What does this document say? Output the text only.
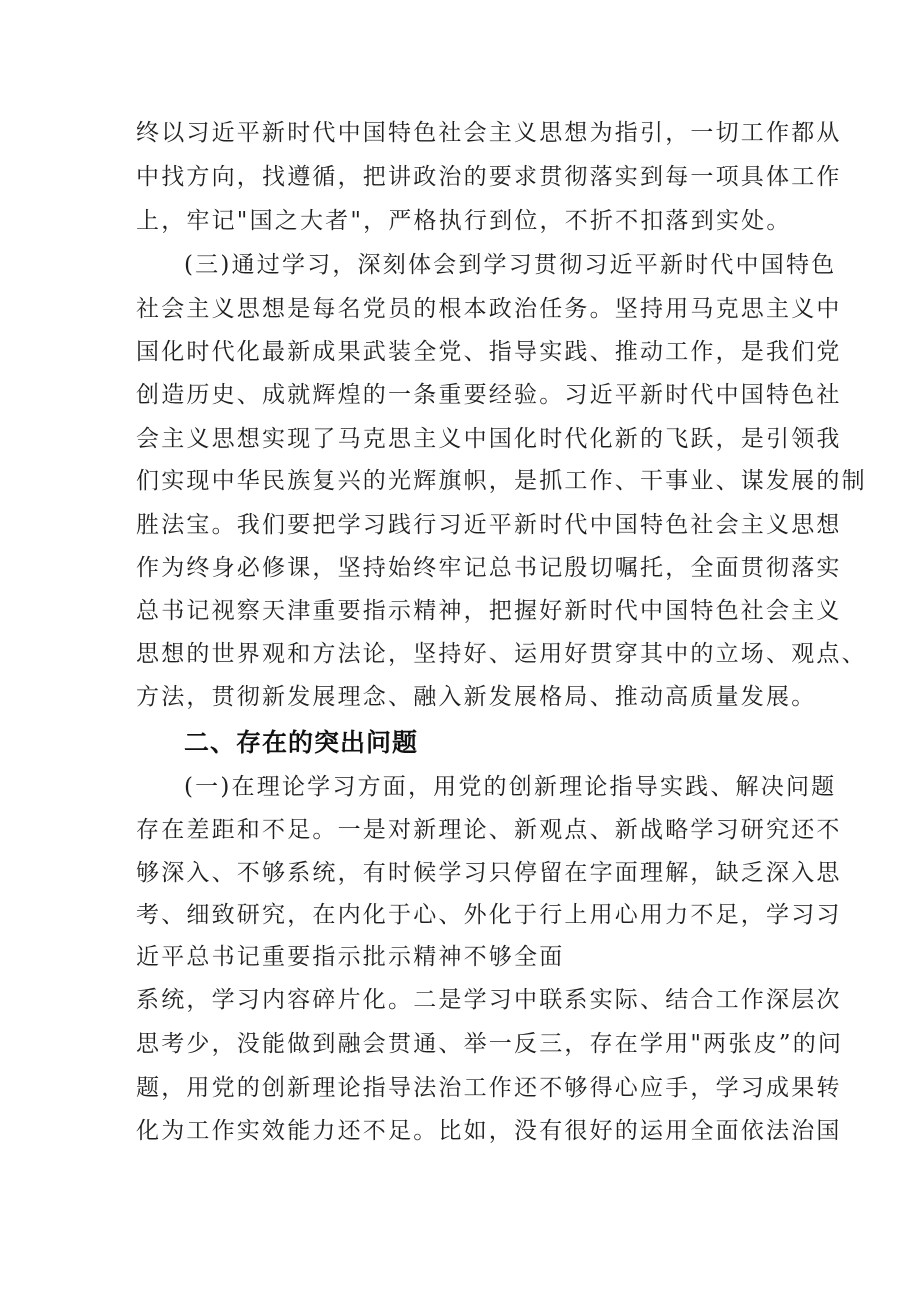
终以习近平新时代中国特色社会主义思想为指引，一切工作都从
中找方向，找遵循，把讲政治的要求贯彻落实到每一项具体工作
上，牢记"国之大者"，严格执行到位，不折不扣落到实处。
(三)通过学习，深刻体会到学习贯彻习近平新时代中国特色
社会主义思想是每名党员的根本政治任务。坚持用马克思主义中
国化时代化最新成果武装全党、指导实践、推动工作，是我们党
创造历史、成就辉煌的一条重要经验。习近平新时代中国特色社
会主义思想实现了马克思主义中国化时代化新的飞跃，是引领我
们实现中华民族复兴的光辉旗帜，是抓工作、干事业、谋发展的制
胜法宝。我们要把学习践行习近平新时代中国特色社会主义思想
作为终身必修课，坚持始终牢记总书记殷切嘱托，全面贯彻落实
总书记视察天津重要指示精神，把握好新时代中国特色社会主义
思想的世界观和方法论，坚持好、运用好贯穿其中的立场、观点、
方法，贯彻新发展理念、融入新发展格局、推动高质量发展。
二、存在的突出问题
(一)在理论学习方面，用党的创新理论指导实践、解决问题
存在差距和不足。一是对新理论、新观点、新战略学习研究还不
够深入、不够系统，有时候学习只停留在字面理解，缺乏深入思
考、细致研究，在内化于心、外化于行上用心用力不足，学习习
近平总书记重要指示批示精神不够全面
系统，学习内容碎片化。二是学习中联系实际、结合工作深层次
思考少，没能做到融会贯通、举一反三，存在学用"两张皮”的问
题，用党的创新理论指导法治工作还不够得心应手，学习成果转
化为工作实效能力还不足。比如，没有很好的运用全面依法治国
